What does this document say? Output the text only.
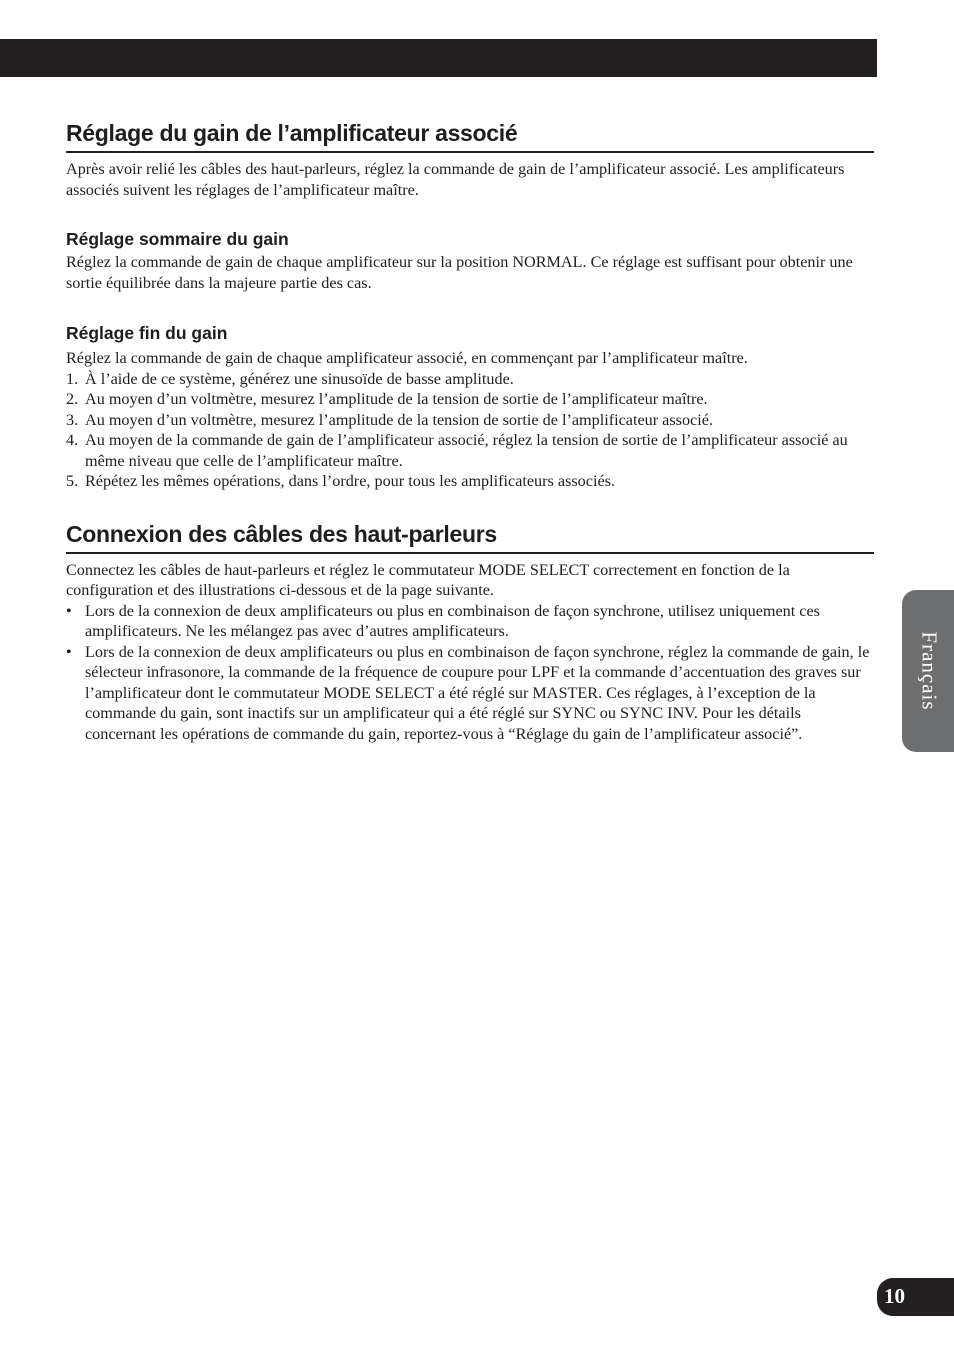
Réglage du gain de l’amplificateur associé

Après avoir relié les câbles des haut-parleurs, réglez la commande de gain de l’amplificateur associé. Les amplificateurs associés suivent les réglages de l’amplificateur maître.

Réglage sommaire du gain

Réglez la commande de gain de chaque amplificateur sur la position NORMAL. Ce réglage est suffisant pour obtenir une sortie équilibrée dans la majeure partie des cas.

Réglage fin du gain

Réglez la commande de gain de chaque amplificateur associé, en commençant par l’amplificateur maître.

1. À l’aide de ce système, générez une sinusoïde de basse amplitude.
2. Au moyen d’un voltmètre, mesurez l’amplitude de la tension de sortie de l’amplificateur maître.
3. Au moyen d’un voltmètre, mesurez l’amplitude de la tension de sortie de l’amplificateur associé.
4. Au moyen de la commande de gain de l’amplificateur associé, réglez la tension de sortie de l’amplificateur associé au même niveau que celle de l’amplificateur maître.
5. Répétez les mêmes opérations, dans l’ordre, pour tous les amplificateurs associés.
Connexion des câbles des haut-parleurs

Connectez les câbles de haut-parleurs et réglez le commutateur MODE SELECT correctement en fonction de la configuration et des illustrations ci-dessous et de la page suivante.

• Lors de la connexion de deux amplificateurs ou plus en combinaison de façon synchrone, utilisez uniquement ces amplificateurs. Ne les mélangez pas avec d’autres amplificateurs.
• Lors de la connexion de deux amplificateurs ou plus en combinaison de façon synchrone, réglez la commande de gain, le sélecteur infrasonore, la commande de la fréquence de coupure pour LPF et la commande d’accentuation des graves sur l’amplificateur dont le commutateur MODE SELECT a été réglé sur MASTER. Ces réglages, à l’exception de la commande du gain, sont inactifs sur un amplificateur qui a été réglé sur SYNC ou SYNC INV. Pour les détails concernant les opérations de commande du gain, reportez-vous à “Réglage du gain de l’amplificateur associé”.
Français
10
